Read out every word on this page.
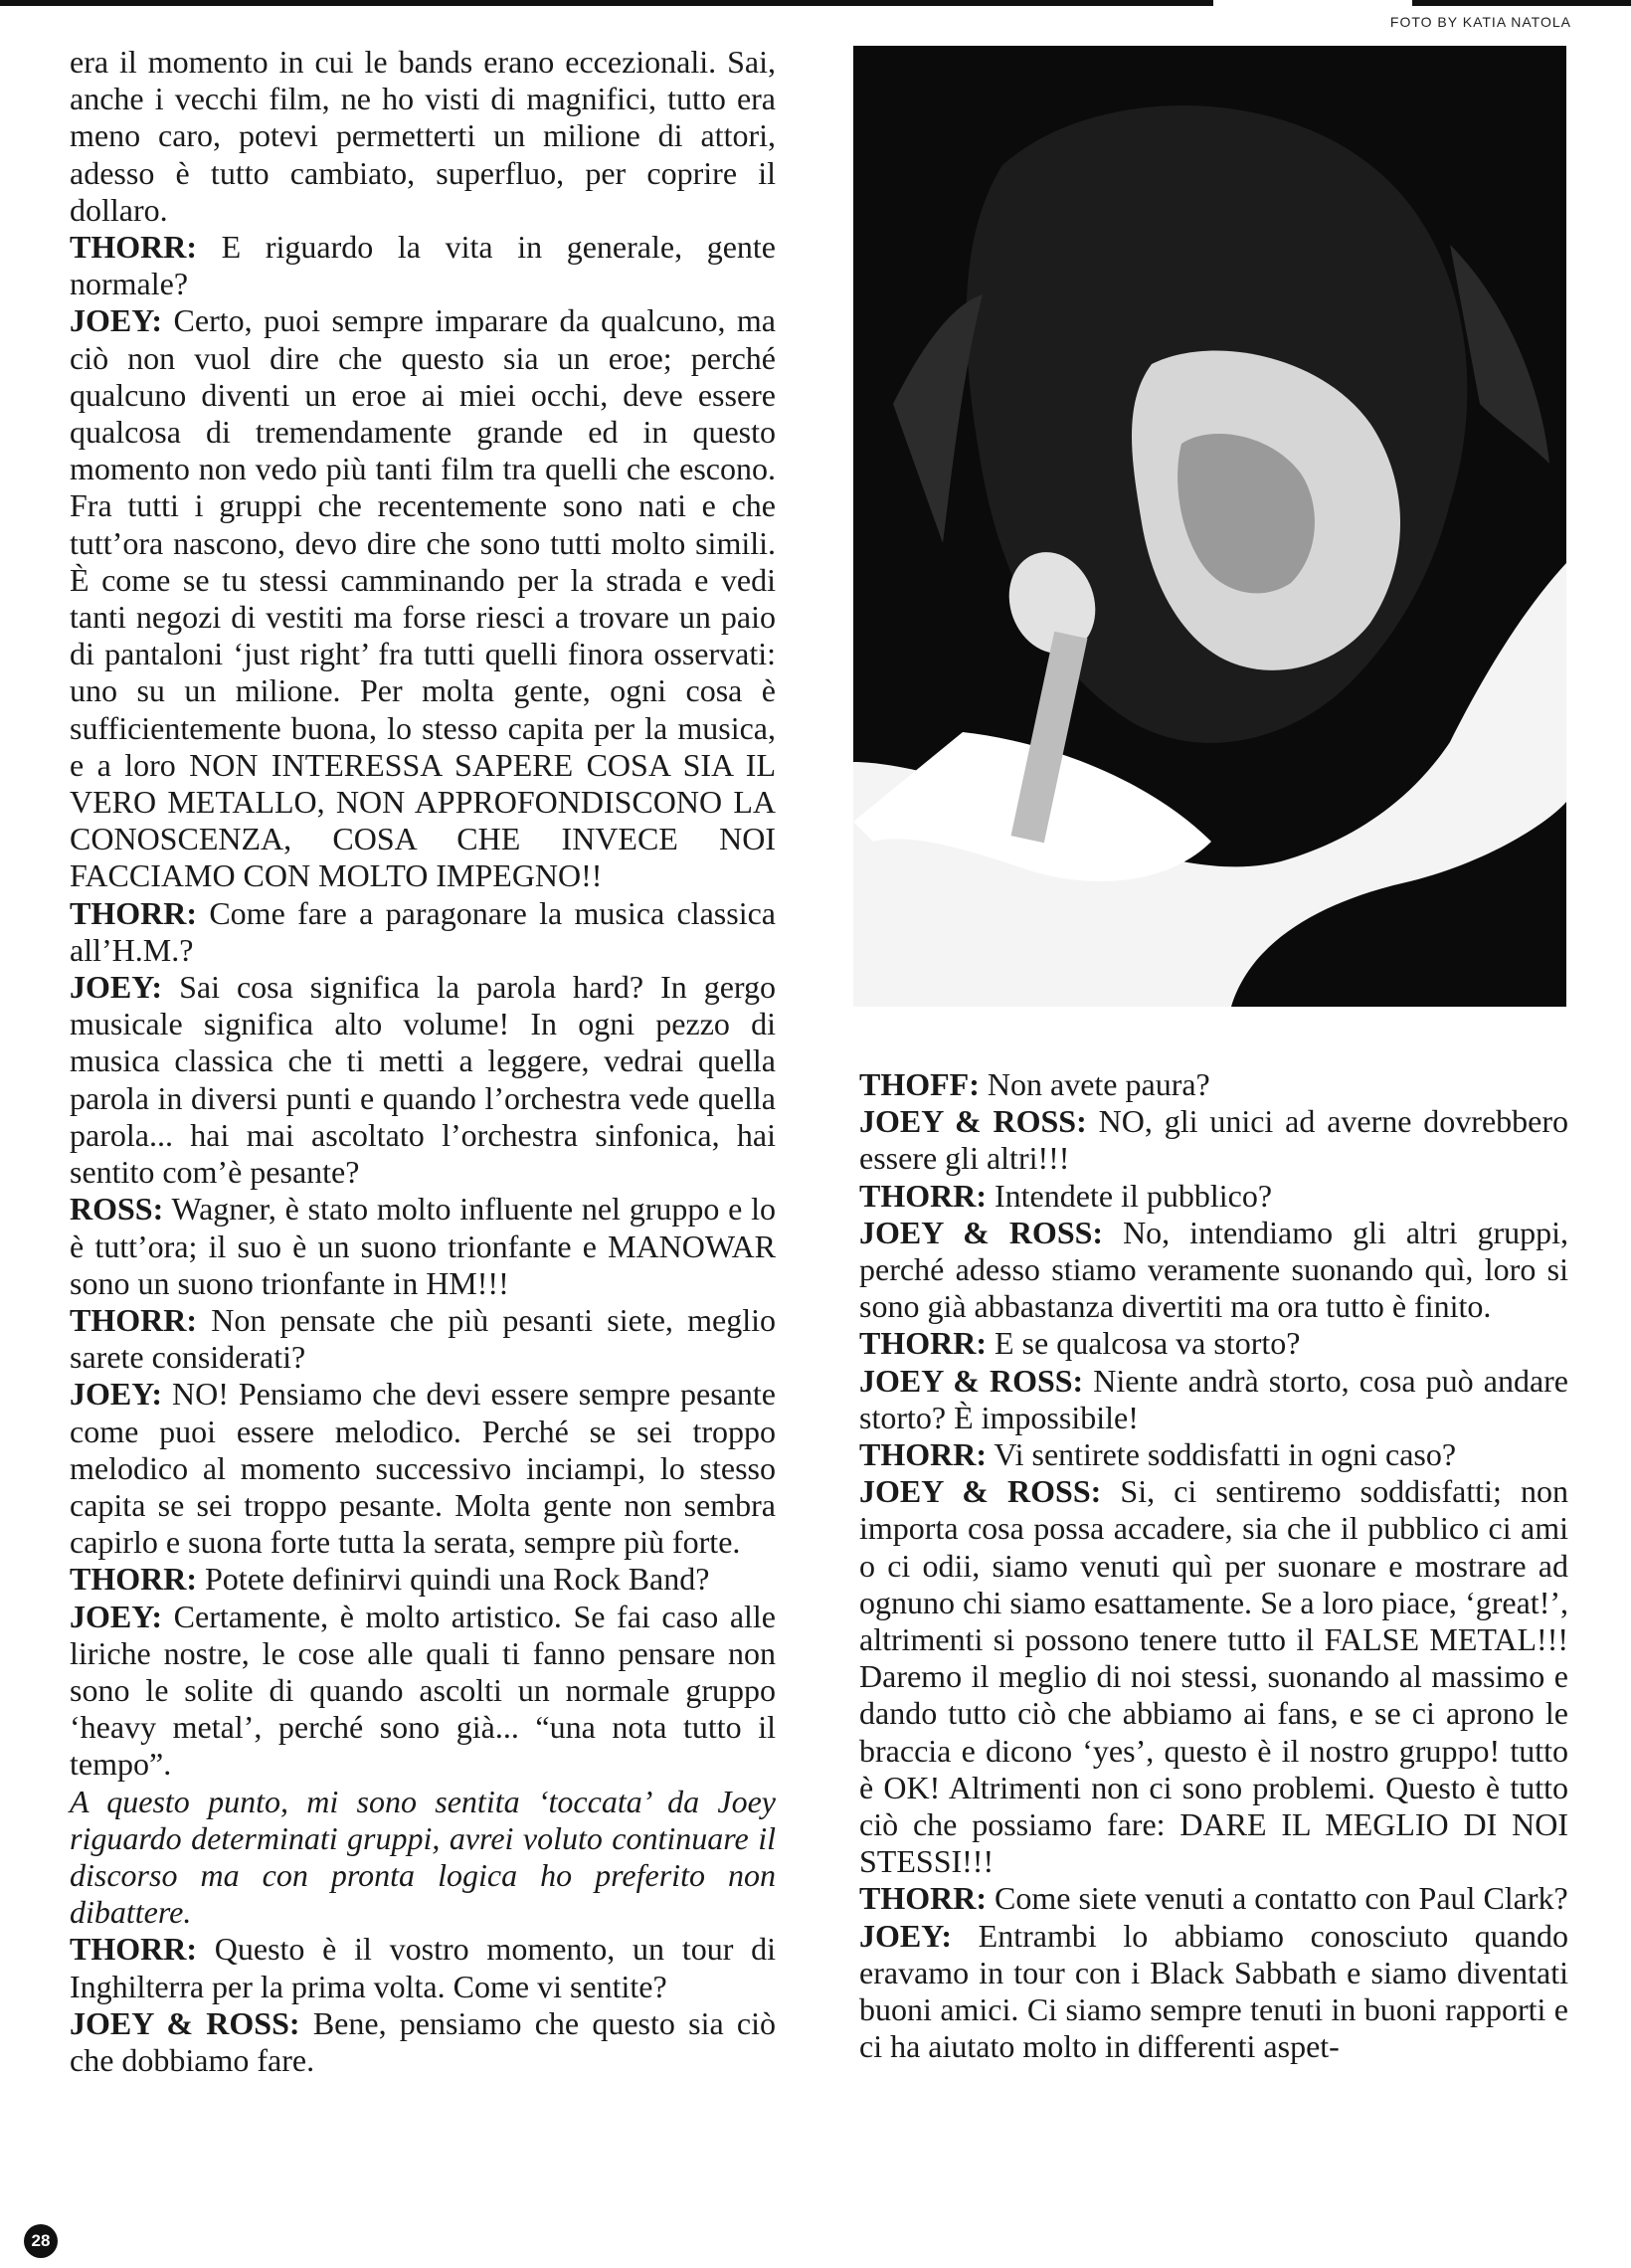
FOTO BY KATIA NATOLA

era il momento in cui le bands erano eccezionali. Sai, anche i vecchi film, ne ho visti di magnifici, tutto era meno caro, potevi permetterti un milione di attori, adesso è tutto cambiato, superfluo, per coprire il dollaro.

THORR: E riguardo la vita in generale, gente normale?

JOEY: Certo, puoi sempre imparare da qualcuno, ma ciò non vuol dire che questo sia un eroe; perché qualcuno diventi un eroe ai miei occhi, deve essere qualcosa di tremendamente grande ed in questo momento non vedo più tanti film tra quelli che escono. Fra tutti i gruppi che recentemente sono nati e che tutt’ora nascono, devo dire che sono tutti molto simili. È come se tu stessi camminando per la strada e vedi tanti negozi di vestiti ma forse riesci a trovare un paio di pantaloni ‘just right’ fra tutti quelli finora osservati: uno su un milione. Per molta gente, ogni cosa è sufficientemente buona, lo stesso capita per la musica, e a loro NON INTERESSA SAPERE COSA SIA IL VERO METALLO, NON APPROFONDISCONO LA CONOSCENZA, COSA CHE INVECE NOI FACCIAMO CON MOLTO IMPEGNO!!

THORR: Come fare a paragonare la musica classica all’H.M.?

JOEY: Sai cosa significa la parola hard? In gergo musicale significa alto volume! In ogni pezzo di musica classica che ti metti a leggere, vedrai quella parola in diversi punti e quando l’orchestra vede quella parola... hai mai ascoltato l’orchestra sinfonica, hai sentito com’è pesante?

ROSS: Wagner, è stato molto influente nel gruppo e lo è tutt’ora; il suo è un suono trionfante e MANOWAR sono un suono trionfante in HM!!!

THORR: Non pensate che più pesanti siete, meglio sarete considerati?

JOEY: NO! Pensiamo che devi essere sempre pesante come puoi essere melodico. Perché se sei troppo melodico al momento successivo inciampi, lo stesso capita se sei troppo pesante. Molta gente non sembra capirlo e suona forte tutta la serata, sempre più forte.

THORR: Potete definirvi quindi una Rock Band?

JOEY: Certamente, è molto artistico. Se fai caso alle liriche nostre, le cose alle quali ti fanno pensare non sono le solite di quando ascolti un normale gruppo ‘heavy metal’, perché sono già... “una nota tutto il tempo”.

A questo punto, mi sono sentita ‘toccata’ da Joey riguardo determinati gruppi, avrei voluto continuare il discorso ma con pronta logica ho preferito non dibattere.

THORR: Questo è il vostro momento, un tour di Inghilterra per la prima volta. Come vi sentite?

JOEY & ROSS: Bene, pensiamo che questo sia ciò che dobbiamo fare.

THOFF: Non avete paura?

JOEY & ROSS: NO, gli unici ad averne dovrebbero essere gli altri!!!

THORR: Intendete il pubblico?

JOEY & ROSS: No, intendiamo gli altri gruppi, perché adesso stiamo veramente suonando quì, loro si sono già abbastanza divertiti ma ora tutto è finito.

THORR: E se qualcosa va storto?

JOEY & ROSS: Niente andrà storto, cosa può andare storto? È impossibile!

THORR: Vi sentirete soddisfatti in ogni caso?

JOEY & ROSS: Si, ci sentiremo soddisfatti; non importa cosa possa accadere, sia che il pubblico ci ami o ci odii, siamo venuti quì per suonare e mostrare ad ognuno chi siamo esattamente. Se a loro piace, ‘great!’, altrimenti si possono tenere tutto il FALSE METAL!!! Daremo il meglio di noi stessi, suonando al massimo e dando tutto ciò che abbiamo ai fans, e se ci aprono le braccia e dicono ‘yes’, questo è il nostro gruppo! tutto è OK! Altrimenti non ci sono problemi. Questo è tutto ciò che possiamo fare: DARE IL MEGLIO DI NOI STESSI!!!

THORR: Come siete venuti a contatto con Paul Clark?

JOEY: Entrambi lo abbiamo conosciuto quando eravamo in tour con i Black Sabbath e siamo diventati buoni amici. Ci siamo sempre tenuti in buoni rapporti e ci ha aiutato molto in differenti aspet-

28
